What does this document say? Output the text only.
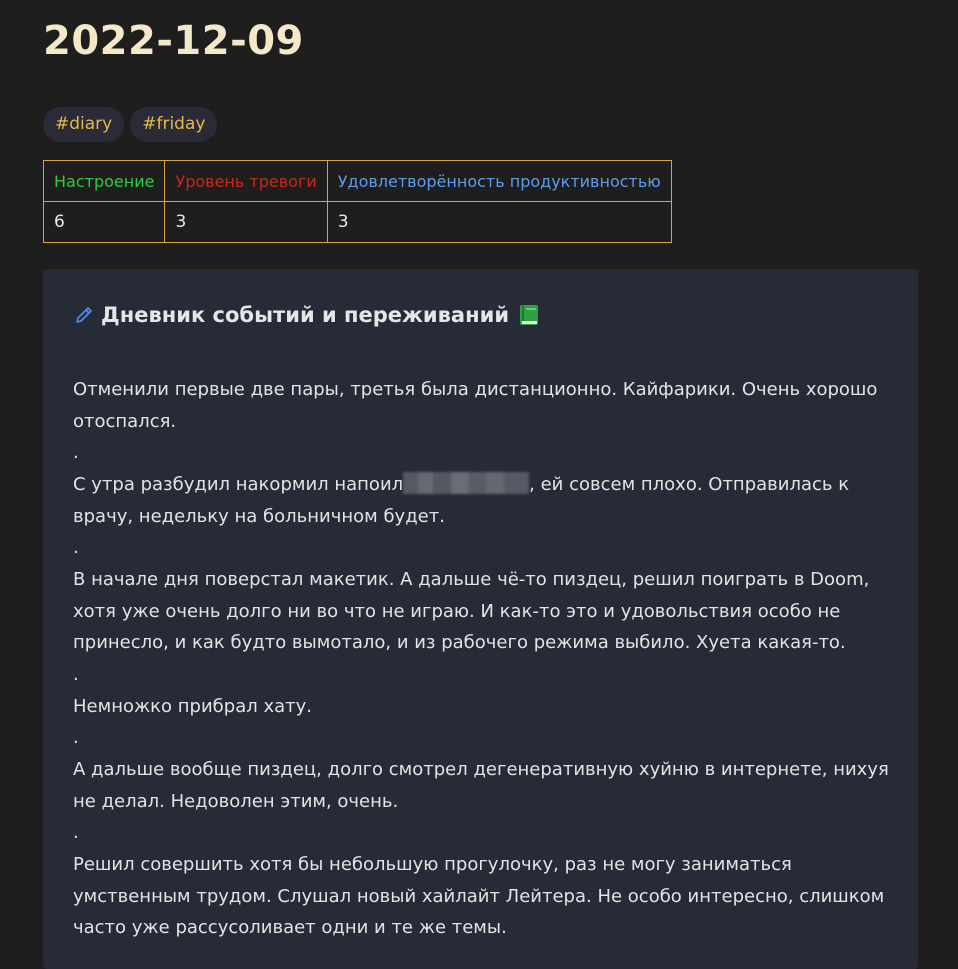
2022-12-09
#diary	#friday
Настроение	Уровень тревоги	Удовлетворённость продуктивностью
6	3	3
Дневник событий и переживаний

Отменили первые две пары, третья была дистанционно. Кайфарики. Очень хорошо отоспался.

.

С утра разбудил накормил напоил	, ей совсем плохо. Отправилась к врачу, недельку на больничном будет.

.

В начале дня поверстал макетик. А дальше чё-то пиздец, решил поиграть в Doom, хотя уже очень долго ни во что не играю. И как-то это и удовольствия особо не принесло, и как будто вымотало, и из рабочего режима выбило. Хуета какая-то.

.

Немножко прибрал хату.

.

А дальше вообще пиздец, долго смотрел дегенеративную хуйню в интернете, нихуя не делал. Недоволен этим, очень.

.

Решил совершить хотя бы небольшую прогулочку, раз не могу заниматься умственным трудом. Слушал новый хайлайт Лейтера. Не особо интересно, слишком часто уже рассусоливает одни и те же темы.
